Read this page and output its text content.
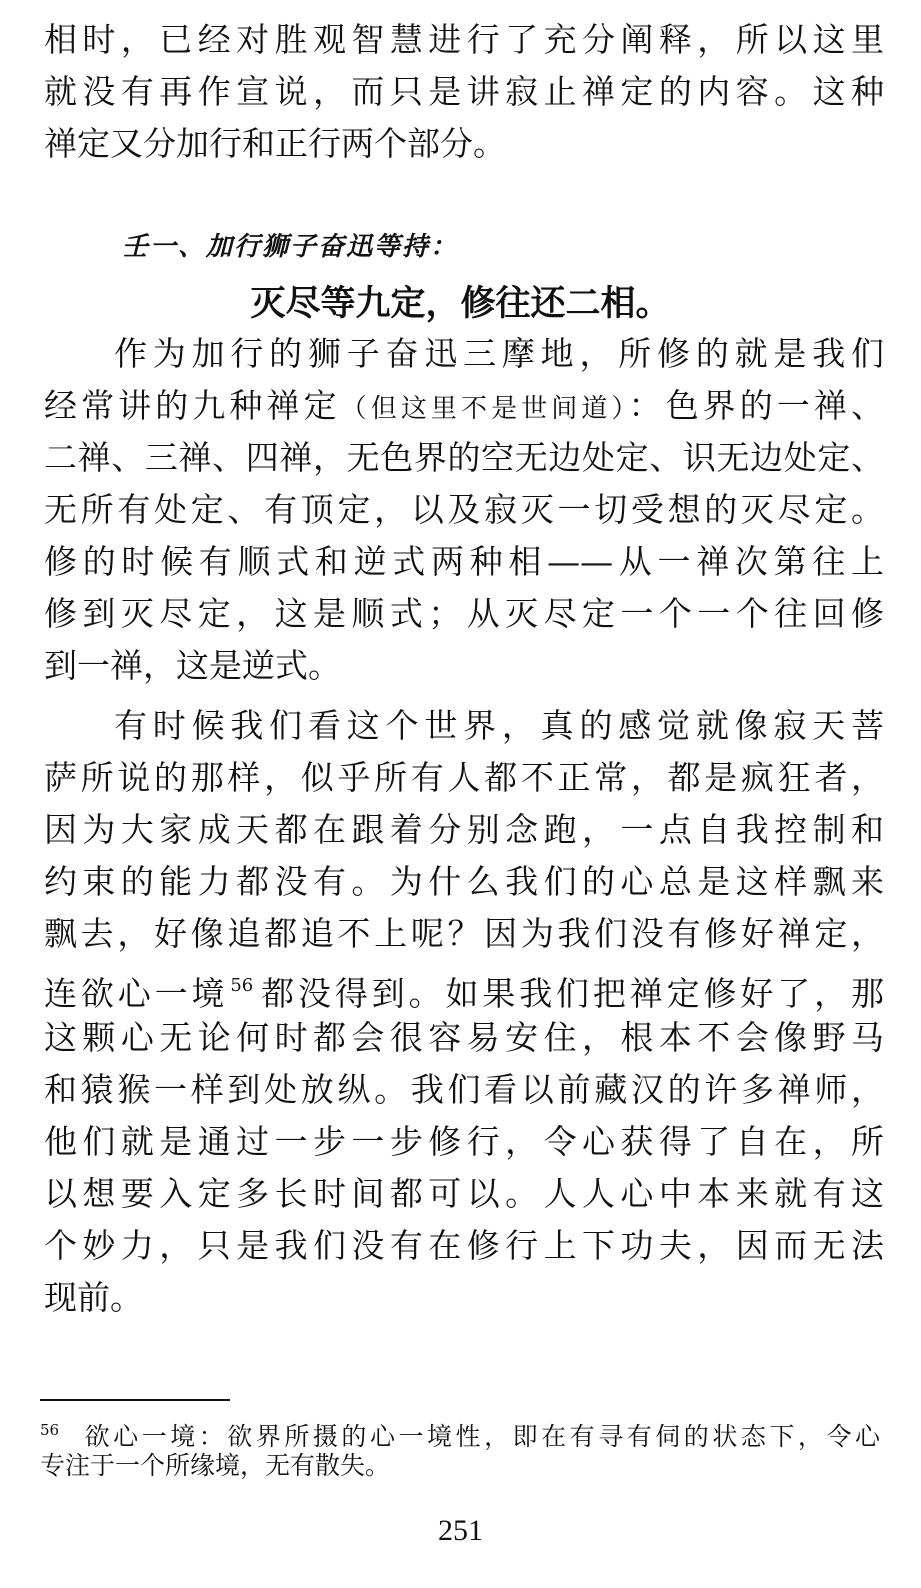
相时，已经对胜观智慧进行了充分阐释，所以这里
就没有再作宣说，而只是讲寂止禅定的内容。这种
禅定又分加行和正行两个部分。
壬一、加行狮子奋迅等持：
灭尽等九定，修往还二相。
作为加行的狮子奋迅三摩地，所修的就是我们
经常讲的九种禅定（但这里不是世间道）：色界的一禅、
二禅、三禅、四禅，无色界的空无边处定、识无边处定、
无所有处定、有顶定，以及寂灭一切受想的灭尽定。
修的时候有顺式和逆式两种相——从一禅次第往上
修到灭尽定，这是顺式；从灭尽定一个一个往回修
到一禅，这是逆式。
有时候我们看这个世界，真的感觉就像寂天菩
萨所说的那样，似乎所有人都不正常，都是疯狂者，
因为大家成天都在跟着分别念跑，一点自我控制和
约束的能力都没有。为什么我们的心总是这样飘来
飘去，好像追都追不上呢？因为我们没有修好禅定，
连欲心一境 $^{56}$ 都没得到。如果我们把禅定修好了，那
这颗心无论何时都会很容易安住，根本不会像野马
和猿猴一样到处放纵。我们看以前藏汉的许多禅师，
他们就是通过一步一步修行，令心获得了自在，所
以想要入定多长时间都可以。人人心中本来就有这
个妙力，只是我们没有在修行上下功夫，因而无法
现前。
$^{56}$ 欲心一境：欲界所摄的心一境性，即在有寻有伺的状态下，令心
专注于一个所缘境，无有散失。
251
